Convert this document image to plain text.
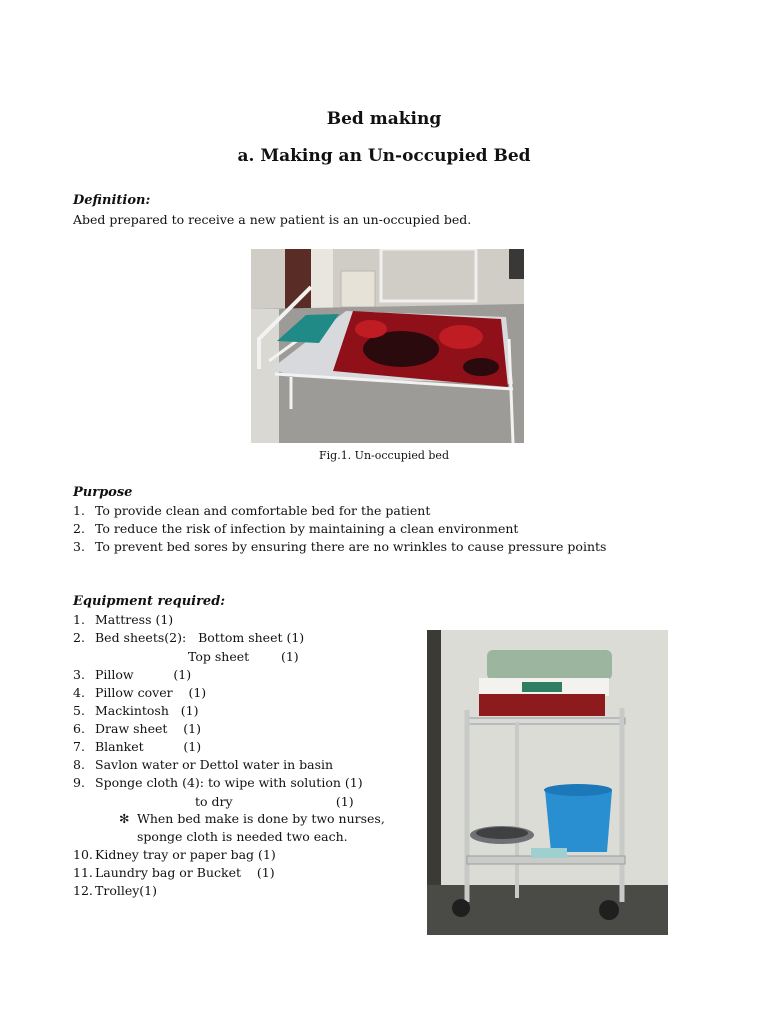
Bed making
a. Making an Un-occupied Bed
Definition:
Abed prepared to receive a new patient is an un-occupied bed.
Fig.1. Un-occupied bed
Purpose
1. To provide clean and comfortable bed for the patient
2. To reduce the risk of infection by maintaining a clean environment
3. To prevent bed sores by ensuring there are no wrinkles to cause pressure points
Equipment required:
1. Mattress (1)
2. Bed sheets(2):   Bottom sheet (1)
Top sheet        (1)
3. Pillow          (1)
4. Pillow cover    (1)
5. Mackintosh   (1)
6. Draw sheet    (1)
7. Blanket          (1)
8. Savlon water or Dettol water in basin
9. Sponge cloth (4): to wipe with solution (1)
to dry                          (1)
✻ When bed make is done by two nurses,
sponge cloth is needed two each.
10. Kidney tray or paper bag (1)
11. Laundry bag or Bucket    (1)
12. Trolley(1)
